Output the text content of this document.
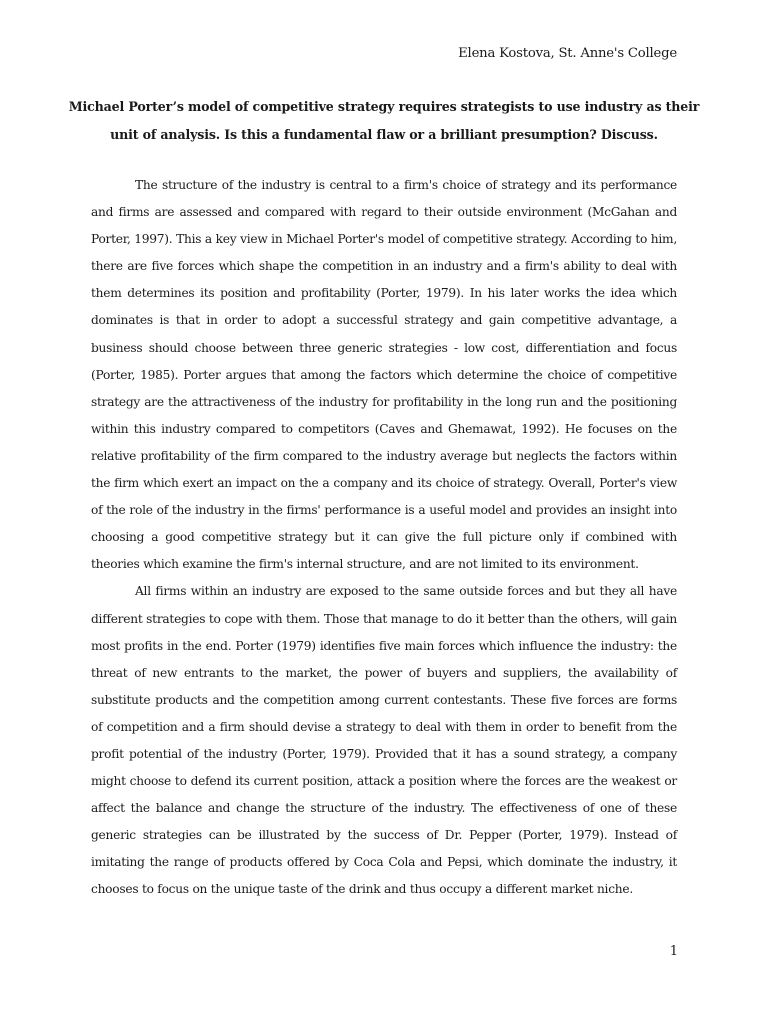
Elena Kostova, St. Anne's College
Michael Porter’s model of competitive strategy requires strategists to use industry as their unit of analysis. Is this a fundamental flaw or a brilliant presumption? Discuss.

The structure of the industry is central to a firm's choice of strategy and its performance and firms are assessed and compared with regard to their outside environment (McGahan and Porter, 1997). This a key view in Michael Porter's model of competitive strategy. According to him, there are five forces which shape the competition in an industry and a firm's ability to deal with them determines its position and profitability (Porter, 1979). In his later works the idea which dominates is that in order to adopt a successful strategy and gain competitive advantage, a business should choose between three generic strategies - low cost, differentiation and focus (Porter, 1985). Porter argues that among the factors which determine the choice of competitive strategy are the attractiveness of the industry for profitability in the long run and the positioning within this industry compared to competitors (Caves and Ghemawat, 1992). He focuses on the relative profitability of the firm compared to the industry average but neglects the factors within the firm which exert an impact on the a company and its choice of strategy. Overall, Porter's view of the role of the industry in the firms' performance is a useful model and provides an insight into choosing a good competitive strategy but it can give the full picture only if combined with theories which examine the firm's internal structure, and are not limited to its environment.

All firms within an industry are exposed to the same outside forces and but they all have different strategies to cope with them. Those that manage to do it better than the others, will gain most profits in the end. Porter (1979) identifies five main forces which influence the industry: the threat of new entrants to the market, the power of buyers and suppliers, the availability of substitute products and the competition among current contestants. These five forces are forms of competition and a firm should devise a strategy to deal with them in order to benefit from the profit potential of the industry (Porter, 1979). Provided that it has a sound strategy, a company might choose to defend its current position, attack a position where the forces are the weakest or affect the balance and change the structure of the industry. The effectiveness of one of these generic strategies can be illustrated by the success of Dr. Pepper (Porter, 1979). Instead of imitating the range of products offered by Coca Cola and Pepsi, which dominate the industry, it chooses to focus on the unique taste of the drink and thus occupy a different market niche.

1
